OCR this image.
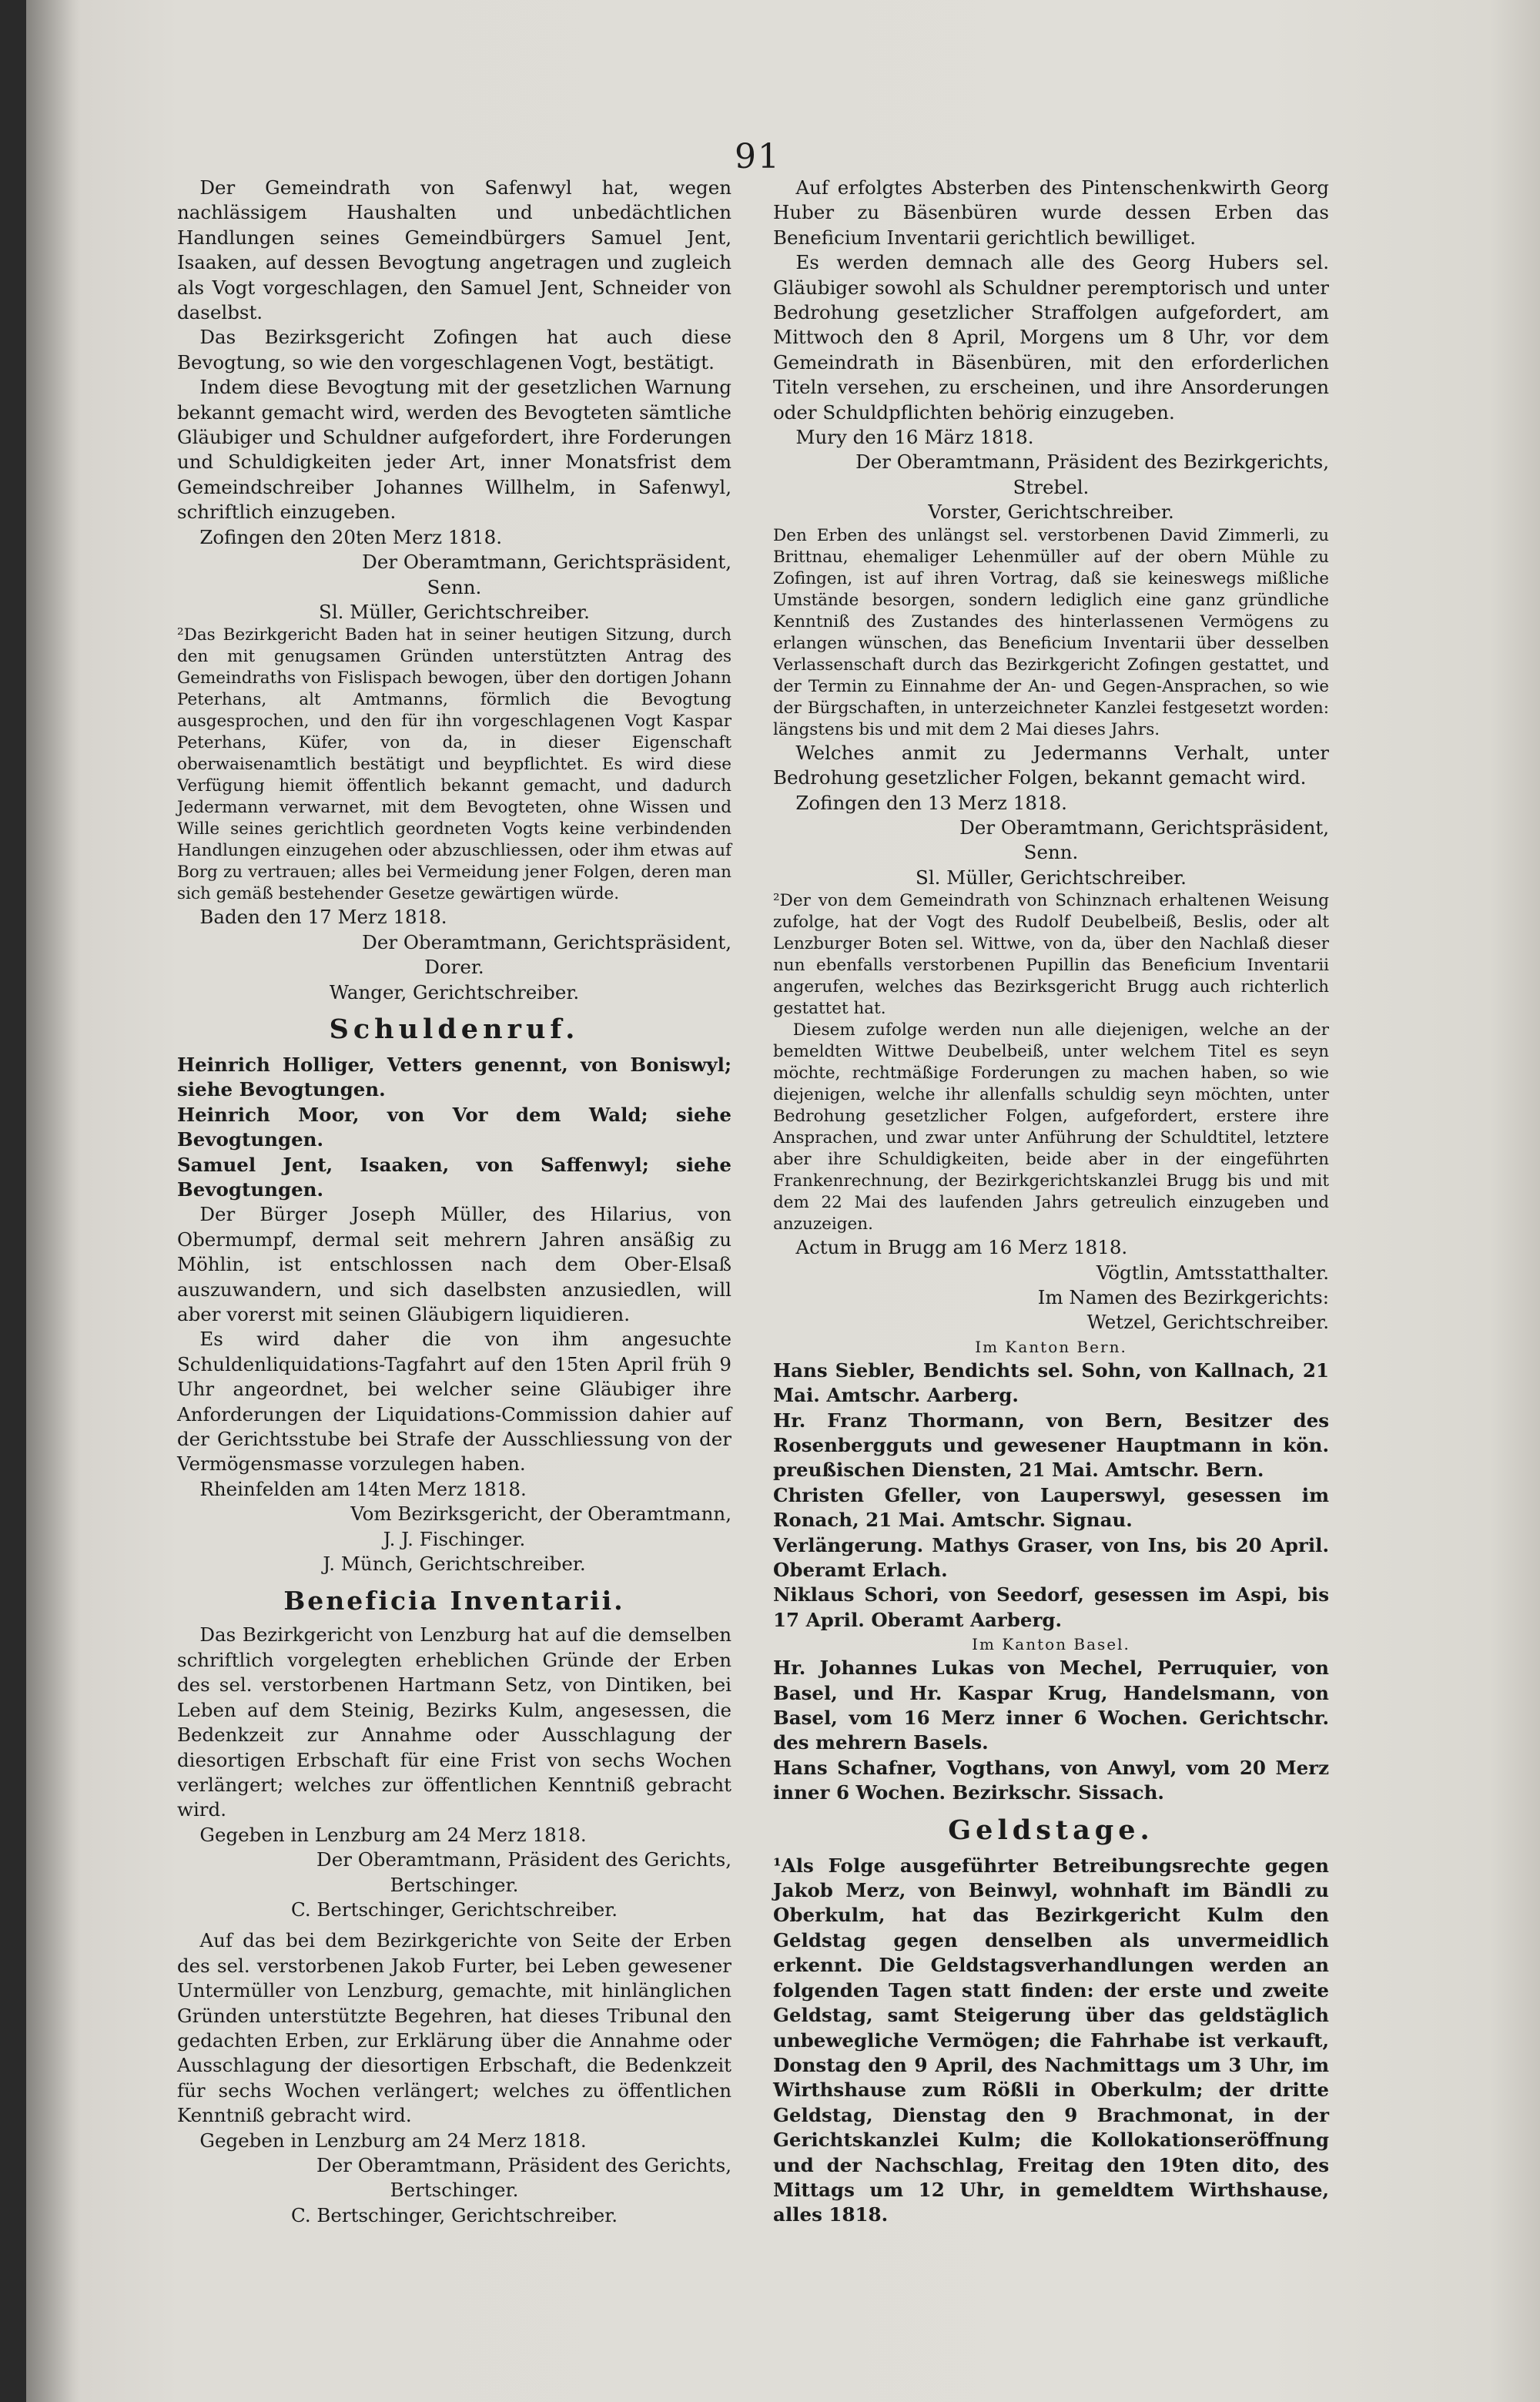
91

Der Gemeindrath von Safenwyl hat, wegen nachlässigem Haushalten und unbedächtlichen Handlungen seines Gemeindbürgers Samuel Jent, Isaaken, auf dessen Bevogtung angetragen und zugleich als Vogt vorgeschlagen, den Samuel Jent, Schneider von daselbst.

Das Bezirksgericht Zofingen hat auch diese Bevogtung, so wie den vorgeschlagenen Vogt, bestätigt.

Indem diese Bevogtung mit der gesetzlichen Warnung bekannt gemacht wird, werden des Bevogteten sämtliche Gläubiger und Schuldner aufgefordert, ihre Forderungen und Schuldigkeiten jeder Art, inner Monatsfrist dem Gemeindschreiber Johannes Willhelm, in Safenwyl, schriftlich einzugeben.

Zofingen den 20ten Merz 1818.

Der Oberamtmann, Gerichtspräsident,

Senn.

Sl. Müller, Gerichtschreiber.

²Das Bezirkgericht Baden hat in seiner heutigen Sitzung, durch den mit genugsamen Gründen unterstützten Antrag des Gemeindraths von Fislispach bewogen, über den dortigen Johann Peterhans, alt Amtmanns, förmlich die Bevogtung ausgesprochen, und den für ihn vorgeschlagenen Vogt Kaspar Peterhans, Küfer, von da, in dieser Eigenschaft oberwaisenamtlich bestätigt und beypflichtet. Es wird diese Verfügung hiemit öffentlich bekannt gemacht, und dadurch Jedermann verwarnet, mit dem Bevogteten, ohne Wissen und Wille seines gerichtlich geordneten Vogts keine verbindenden Handlungen einzugehen oder abzuschliessen, oder ihm etwas auf Borg zu vertrauen; alles bei Vermeidung jener Folgen, deren man sich gemäß bestehender Gesetze gewärtigen würde.

Baden den 17 Merz 1818.

Der Oberamtmann, Gerichtspräsident,

Dorer.

Wanger, Gerichtschreiber.

Schuldenruf.

Heinrich Holliger, Vetters genennt, von Boniswyl; siehe Bevogtungen.

Heinrich Moor, von Vor dem Wald; siehe Bevogtungen.

Samuel Jent, Isaaken, von Saffenwyl; siehe Bevogtungen.

Der Bürger Joseph Müller, des Hilarius, von Obermumpf, dermal seit mehrern Jahren ansäßig zu Möhlin, ist entschlossen nach dem Ober-Elsaß auszuwandern, und sich daselbsten anzusiedlen, will aber vorerst mit seinen Gläubigern liquidieren.

Es wird daher die von ihm angesuchte Schuldenliquidations-Tagfahrt auf den 15ten April früh 9 Uhr angeordnet, bei welcher seine Gläubiger ihre Anforderungen der Liquidations-Commission dahier auf der Gerichtsstube bei Strafe der Ausschliessung von der Vermögensmasse vorzulegen haben.

Rheinfelden am 14ten Merz 1818.

Vom Bezirksgericht, der Oberamtmann,

J. J. Fischinger.

J. Münch, Gerichtschreiber.

Beneficia Inventarii.

Das Bezirkgericht von Lenzburg hat auf die demselben schriftlich vorgelegten erheblichen Gründe der Erben des sel. verstorbenen Hartmann Setz, von Dintiken, bei Leben auf dem Steinig, Bezirks Kulm, angesessen, die Bedenkzeit zur Annahme oder Ausschlagung der diesortigen Erbschaft für eine Frist von sechs Wochen verlängert; welches zur öffentlichen Kenntniß gebracht wird.

Gegeben in Lenzburg am 24 Merz 1818.

Der Oberamtmann, Präsident des Gerichts,

Bertschinger.

C. Bertschinger, Gerichtschreiber.

Auf das bei dem Bezirkgerichte von Seite der Erben des sel. verstorbenen Jakob Furter, bei Leben gewesener Untermüller von Lenzburg, gemachte, mit hinlänglichen Gründen unterstützte Begehren, hat dieses Tribunal den gedachten Erben, zur Erklärung über die Annahme oder Ausschlagung der diesortigen Erbschaft, die Bedenkzeit für sechs Wochen verlängert; welches zu öffentlichen Kenntniß gebracht wird.

Gegeben in Lenzburg am 24 Merz 1818.

Der Oberamtmann, Präsident des Gerichts,

Bertschinger.

C. Bertschinger, Gerichtschreiber.

Auf erfolgtes Absterben des Pintenschenkwirth Georg Huber zu Bäsenbüren wurde dessen Erben das Beneficium Inventarii gerichtlich bewilliget.

Es werden demnach alle des Georg Hubers sel. Gläubiger sowohl als Schuldner peremptorisch und unter Bedrohung gesetzlicher Straffolgen aufgefordert, am Mittwoch den 8 April, Morgens um 8 Uhr, vor dem Gemeindrath in Bäsenbüren, mit den erforderlichen Titeln versehen, zu erscheinen, und ihre Ansorderungen oder Schuldpflichten behörig einzugeben.

Mury den 16 März 1818.

Der Oberamtmann, Präsident des Bezirkgerichts,

Strebel.

Vorster, Gerichtschreiber.

Den Erben des unlängst sel. verstorbenen David Zimmerli, zu Brittnau, ehemaliger Lehenmüller auf der obern Mühle zu Zofingen, ist auf ihren Vortrag, daß sie keineswegs mißliche Umstände besorgen, sondern lediglich eine ganz gründliche Kenntniß des Zustandes des hinterlassenen Vermögens zu erlangen wünschen, das Beneficium Inventarii über desselben Verlassenschaft durch das Bezirkgericht Zofingen gestattet, und der Termin zu Einnahme der An- und Gegen-Ansprachen, so wie der Bürgschaften, in unterzeichneter Kanzlei festgesetzt worden: längstens bis und mit dem 2 Mai dieses Jahrs.

Welches anmit zu Jedermanns Verhalt, unter Bedrohung gesetzlicher Folgen, bekannt gemacht wird.

Zofingen den 13 Merz 1818.

Der Oberamtmann, Gerichtspräsident,

Senn.

Sl. Müller, Gerichtschreiber.

²Der von dem Gemeindrath von Schinznach erhaltenen Weisung zufolge, hat der Vogt des Rudolf Deubelbeiß, Beslis, oder alt Lenzburger Boten sel. Wittwe, von da, über den Nachlaß dieser nun ebenfalls verstorbenen Pupillin das Beneficium Inventarii angerufen, welches das Bezirksgericht Brugg auch richterlich gestattet hat.

Diesem zufolge werden nun alle diejenigen, welche an der bemeldten Wittwe Deubelbeiß, unter welchem Titel es seyn möchte, rechtmäßige Forderungen zu machen haben, so wie diejenigen, welche ihr allenfalls schuldig seyn möchten, unter Bedrohung gesetzlicher Folgen, aufgefordert, erstere ihre Ansprachen, und zwar unter Anführung der Schuldtitel, letztere aber ihre Schuldigkeiten, beide aber in der eingeführten Frankenrechnung, der Bezirkgerichtskanzlei Brugg bis und mit dem 22 Mai des laufenden Jahrs getreulich einzugeben und anzuzeigen.

Actum in Brugg am 16 Merz 1818.

Vögtlin, Amtsstatthalter.

Im Namen des Bezirkgerichts:

Wetzel, Gerichtschreiber.

Im Kanton Bern.

Hans Siebler, Bendichts sel. Sohn, von Kallnach, 21 Mai. Amtschr. Aarberg.

Hr. Franz Thormann, von Bern, Besitzer des Rosenbergguts und gewesener Hauptmann in kön. preußischen Diensten, 21 Mai. Amtschr. Bern.

Christen Gfeller, von Lauperswyl, gesessen im Ronach, 21 Mai. Amtschr. Signau.

Verlängerung. Mathys Graser, von Ins, bis 20 April. Oberamt Erlach.

Niklaus Schori, von Seedorf, gesessen im Aspi, bis 17 April. Oberamt Aarberg.

Im Kanton Basel.

Hr. Johannes Lukas von Mechel, Perruquier, von Basel, und Hr. Kaspar Krug, Handelsmann, von Basel, vom 16 Merz inner 6 Wochen. Gerichtschr. des mehrern Basels.

Hans Schafner, Vogthans, von Anwyl, vom 20 Merz inner 6 Wochen. Bezirkschr. Sissach.

Geldstage.

¹Als Folge ausgeführter Betreibungsrechte gegen Jakob Merz, von Beinwyl, wohnhaft im Bändli zu Oberkulm, hat das Bezirkgericht Kulm den Geldstag gegen denselben als unvermeidlich erkennt. Die Geldstagsverhandlungen werden an folgenden Tagen statt finden: der erste und zweite Geldstag, samt Steigerung über das geldstäglich unbewegliche Vermögen; die Fahrhabe ist verkauft, Donstag den 9 April, des Nachmittags um 3 Uhr, im Wirthshause zum Rößli in Oberkulm; der dritte Geldstag, Dienstag den 9 Brachmonat, in der Gerichtskanzlei Kulm; die Kollokationseröffnung und der Nachschlag, Freitag den 19ten dito, des Mittags um 12 Uhr, in gemeldtem Wirthshause, alles 1818.
